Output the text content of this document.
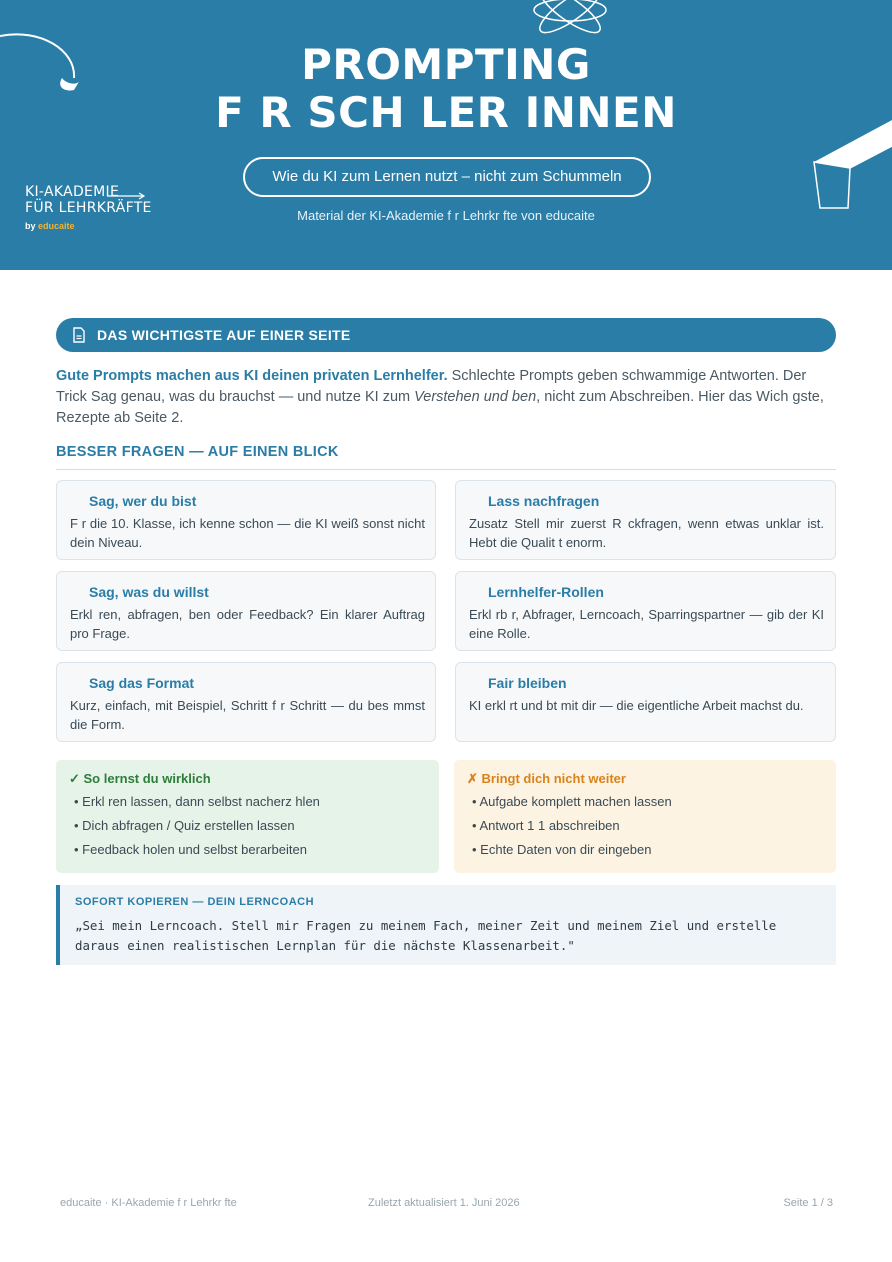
PROMPTING
F R SCH LER INNEN
Wie du KI zum Lernen nutzt – nicht zum Schummeln
Material der KI-Akademie f r Lehrkr fte von educaite
KI-AKADEMIE
FÜR LEHRKRÄFTE
by educaite
DAS WICHTIGSTE AUF EINER SEITE
Gute Prompts machen aus KI deinen privaten Lernhelfer. Schlechte Prompts geben schwammige Antworten. Der Trick Sag genau, was du brauchst — und nutze KI zum Verstehen und ben, nicht zum Abschreiben. Hier das Wich gste, Rezepte ab Seite 2.
BESSER FRAGEN — AUF EINEN BLICK
Sag, wer du bist
F r die 10. Klasse, ich kenne schon — die KI weiß sonst nicht dein Niveau.
Lass nachfragen
Zusatz Stell mir zuerst R ckfragen, wenn etwas unklar ist. Hebt die Qualit t enorm.
Sag, was du willst
Erkl ren, abfragen, ben oder Feedback? Ein klarer Auftrag pro Frage.
Lernhelfer-Rollen
Erkl rb r, Abfrager, Lerncoach, Sparringspartner — gib der KI eine Rolle.
Sag das Format
Kurz, einfach, mit Beispiel, Schritt f r Schritt — du bes mmst die Form.
Fair bleiben
KI erkl rt und bt mit dir — die eigentliche Arbeit machst du.
✓ So lernst du wirklich
• Erkl ren lassen, dann selbst nacherz hlen
• Dich abfragen / Quiz erstellen lassen
• Feedback holen und selbst berarbeiten
✗ Bringt dich nicht weiter
• Aufgabe komplett machen lassen
• Antwort 1 1 abschreiben
• Echte Daten von dir eingeben
SOFORT KOPIEREN — DEIN LERNCOACH
„Sei mein Lerncoach. Stell mir Fragen zu meinem Fach, meiner Zeit und meinem Ziel und erstelle daraus einen realistischen Lernplan für die nächste Klassenarbeit."
educaite · KI-Akademie f r Lehrkr fte	Zuletzt aktualisiert 1. Juni 2026	Seite 1 / 3
